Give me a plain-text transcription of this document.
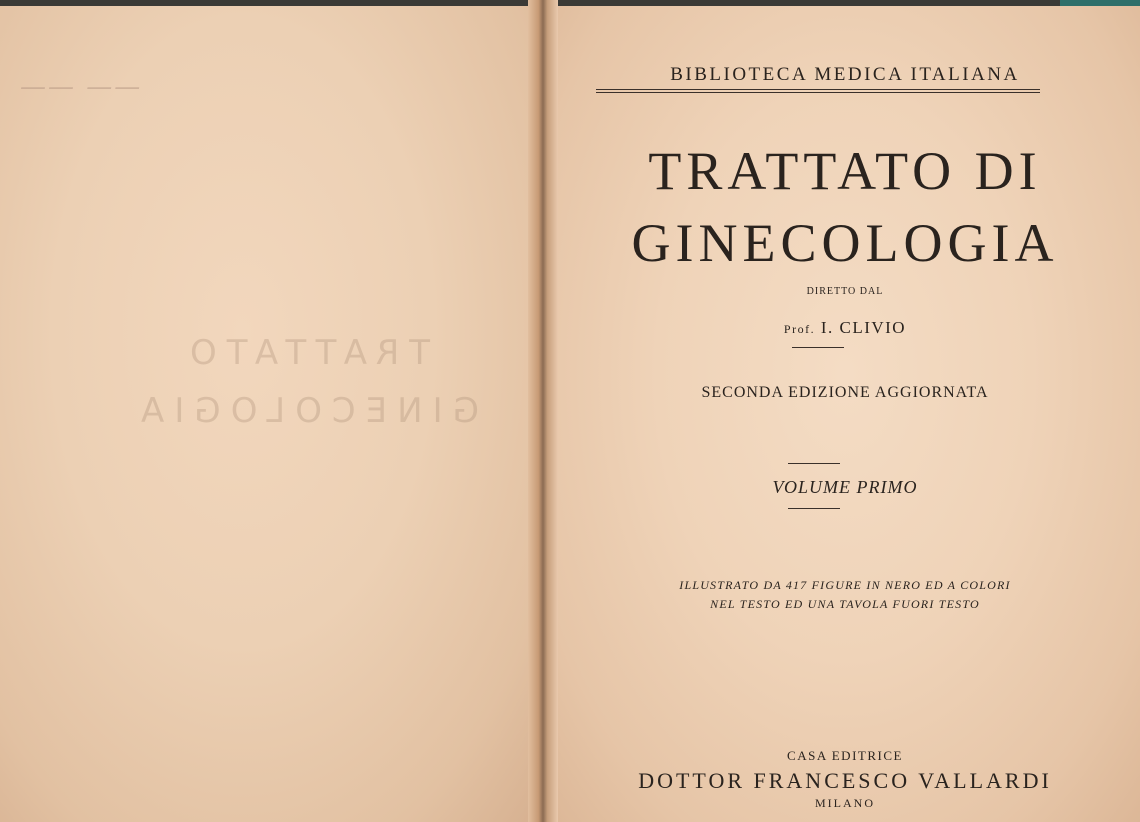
—— ——
TRATTATO
GINECOLOGIA
BIBLIOTECA MEDICA ITALIANA
TRATTATO DI
GINECOLOGIA
DIRETTO DAL
Prof. I. CLIVIO
SECONDA EDIZIONE AGGIORNATA
VOLUME PRIMO
ILLUSTRATO DA 417 FIGURE IN NERO ED A COLORI
NEL TESTO ED UNA TAVOLA FUORI TESTO
CASA EDITRICE
DOTTOR FRANCESCO VALLARDI
MILANO
